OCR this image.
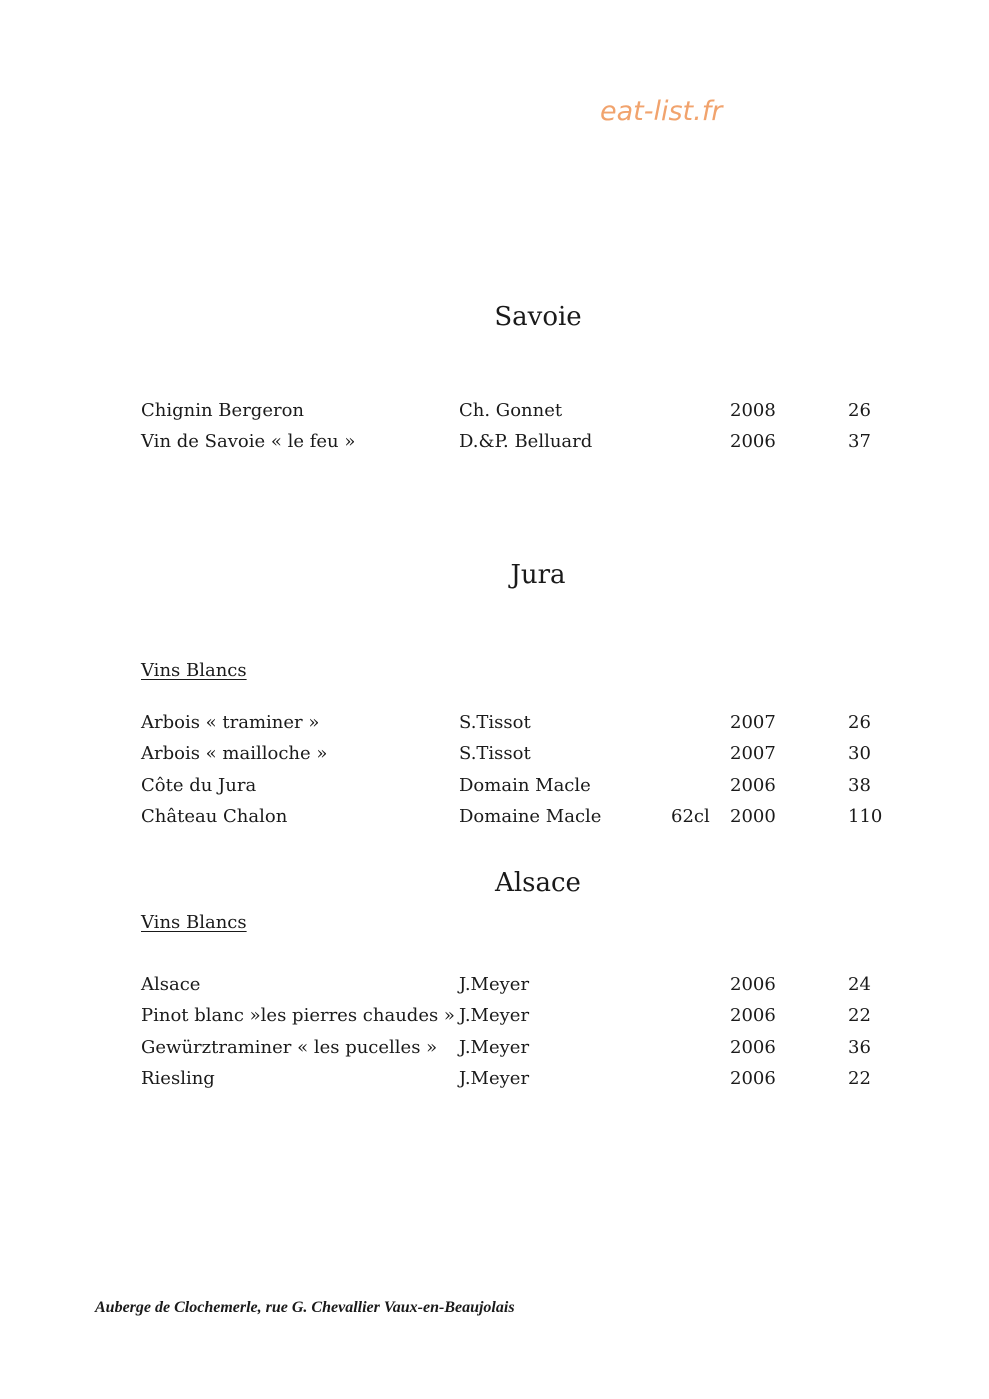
eat-list.fr
Savoie
Chignin Bergeron	Ch. Gonnet	2008	26
Vin de Savoie « le feu »	D.&P. Belluard	2006	37
Jura
Vins Blancs
Arbois « traminer »	S.Tissot	2007	26
Arbois « mailloche »	S.Tissot	2007	30
Côte du Jura	Domain Macle	2006	38
Château Chalon	Domaine Macle	62cl 2000	110
Alsace
Vins Blancs
Alsace	J.Meyer	2006	24
Pinot blanc »les pierres chaudes » J.Meyer	2006	22
Gewürztraminer « les pucelles » J.Meyer	2006	36
Riesling	J.Meyer	2006	22
Auberge de Clochemerle, rue G. Chevallier Vaux-en-Beaujolais
